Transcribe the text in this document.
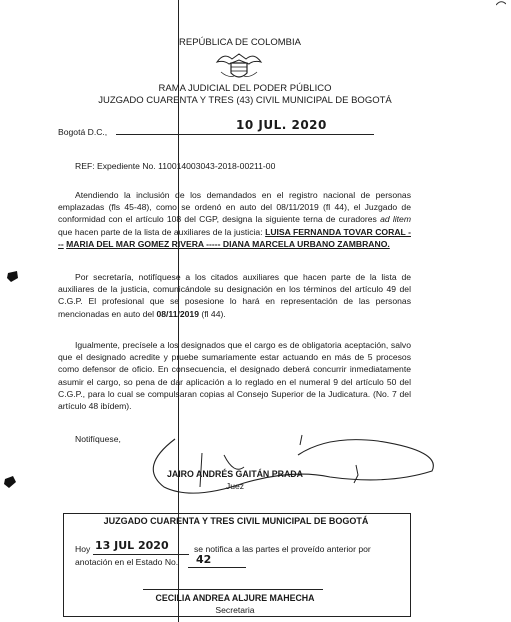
REPÚBLICA DE COLOMBIA
RAMA JUDICIAL DEL PODER PÚBLICO
JUZGADO CUARENTA Y TRES (43) CIVIL MUNICIPAL DE BOGOTÁ
Bogotá D.C.,	10 JUL. 2020
REF: Expediente No. 110014003043-2018-00211-00
Atendiendo la inclusión de los demandados en el registro nacional de personas emplazadas (fls 45-48), como se ordenó en auto del 08/11/2019 (fl 44), el Juzgado de conformidad con el artículo 108 del CGP, designa la siguiente terna de curadores ad litem que hacen parte de la lista de auxiliares de la justicia: LUISA FERNANDA TOVAR CORAL --- MARIA DEL MAR GOMEZ RIVERA ----- DIANA MARCELA URBANO ZAMBRANO.
Por secretaría, notifíquese a los citados auxiliares que hacen parte de la lista de auxiliares de la justicia, comunicándole su designación en los términos del artículo 49 del C.G.P. El profesional que se posesione lo hará en representación de las personas mencionadas en auto del 08/11/2019 (fl 44).
Igualmente, precísele a los designados que el cargo es de obligatoria aceptación, salvo que el designado acredite y pruebe sumariamente estar actuando en más de 5 procesos como defensor de oficio. En consecuencia, el designado deberá concurrir inmediatamente asumir el cargo, so pena de dar aplicación a lo reglado en el numeral 9 del artículo 50 del C.G.P., para lo cual se compulsaran copias al Consejo Superior de la Judicatura. (No. 7 del artículo 48 ibídem).
Notifíquese,
JAIRO ANDRÉS GAITÁN PRADA
Juez
JUZGADO CUARENTA Y TRES CIVIL MUNICIPAL DE BOGOTÁ
Hoy 13 JUL 2020	se notifica a las partes el proveído anterior por
anotación en el Estado No. 42
CECILIA ANDREA ALJURE MAHECHA
Secretaria
